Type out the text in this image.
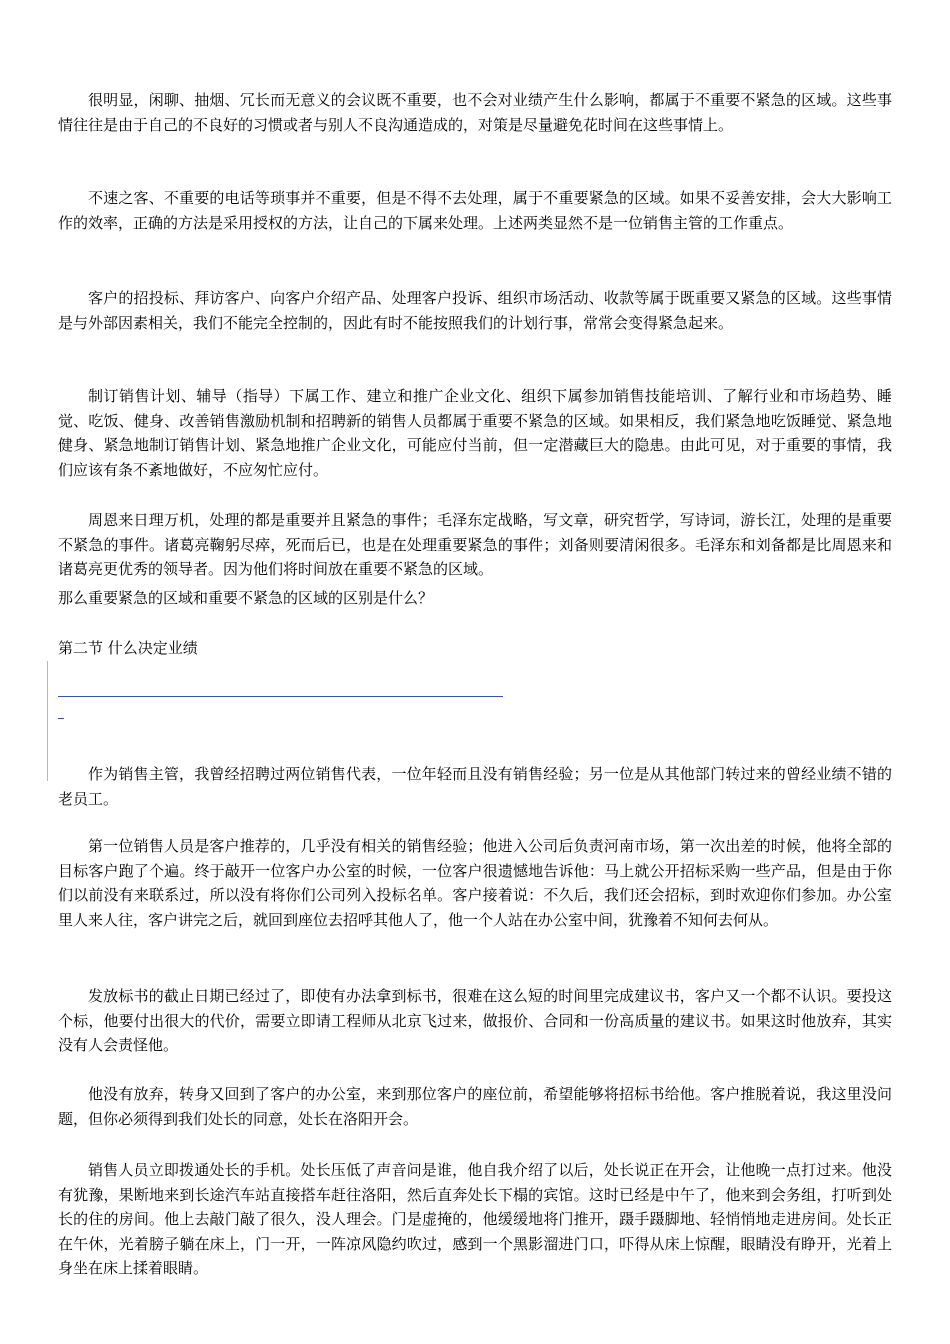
很明显，闲聊、抽烟、冗长而无意义的会议既不重要，也不会对业绩产生什么影响，都属于不重要不紧急的区域。这些事情往往是由于自己的不良好的习惯或者与别人不良沟通造成的，对策是尽量避免花时间在这些事情上。

不速之客、不重要的电话等琐事并不重要，但是不得不去处理，属于不重要紧急的区域。如果不妥善安排，会大大影响工作的效率，正确的方法是采用授权的方法，让自己的下属来处理。上述两类显然不是一位销售主管的工作重点。

客户的招投标、拜访客户、向客户介绍产品、处理客户投诉、组织市场活动、收款等属于既重要又紧急的区域。这些事情是与外部因素相关，我们不能完全控制的，因此有时不能按照我们的计划行事，常常会变得紧急起来。

制订销售计划、辅导（指导）下属工作、建立和推广企业文化、组织下属参加销售技能培训、了解行业和市场趋势、睡觉、吃饭、健身、改善销售激励机制和招聘新的销售人员都属于重要不紧急的区域。如果相反，我们紧急地吃饭睡觉、紧急地健身、紧急地制订销售计划、紧急地推广企业文化，可能应付当前，但一定潜藏巨大的隐患。由此可见，对于重要的事情，我们应该有条不紊地做好，不应匆忙应付。

周恩来日理万机，处理的都是重要并且紧急的事件；毛泽东定战略，写文章，研究哲学，写诗词，游长江，处理的是重要不紧急的事件。诸葛亮鞠躬尽瘁，死而后已，也是在处理重要紧急的事件；刘备则要清闲很多。毛泽东和刘备都是比周恩来和诸葛亮更优秀的领导者。因为他们将时间放在重要不紧急的区域。

那么重要紧急的区域和重要不紧急的区域的区别是什么？

第二节 什么决定业绩

作为销售主管，我曾经招聘过两位销售代表，一位年轻而且没有销售经验；另一位是从其他部门转过来的曾经业绩不错的老员工。

第一位销售人员是客户推荐的，几乎没有相关的销售经验；他进入公司后负责河南市场，第一次出差的时候，他将全部的目标客户跑了个遍。终于敲开一位客户办公室的时候，一位客户很遗憾地告诉他：马上就公开招标采购一些产品，但是由于你们以前没有来联系过，所以没有将你们公司列入投标名单。客户接着说：不久后，我们还会招标，到时欢迎你们参加。办公室里人来人往，客户讲完之后，就回到座位去招呼其他人了，他一个人站在办公室中间，犹豫着不知何去何从。

发放标书的截止日期已经过了，即使有办法拿到标书，很难在这么短的时间里完成建议书，客户又一个都不认识。要投这个标，他要付出很大的代价，需要立即请工程师从北京飞过来，做报价、合同和一份高质量的建议书。如果这时他放弃，其实没有人会责怪他。

他没有放弃，转身又回到了客户的办公室，来到那位客户的座位前，希望能够将招标书给他。客户推脱着说，我这里没问题，但你必须得到我们处长的同意，处长在洛阳开会。

销售人员立即拨通处长的手机。处长压低了声音问是谁，他自我介绍了以后，处长说正在开会，让他晚一点打过来。他没有犹豫，果断地来到长途汽车站直接搭车赶往洛阳，然后直奔处长下榻的宾馆。这时已经是中午了，他来到会务组，打听到处长的住的房间。他上去敲门敲了很久，没人理会。门是虚掩的，他缓缓地将门推开，蹑手蹑脚地、轻悄悄地走进房间。处长正在午休，光着膀子躺在床上，门一开，一阵凉风隐约吹过，感到一个黑影溜进门口，吓得从床上惊醒，眼睛没有睁开，光着上身坐在床上揉着眼睛。
